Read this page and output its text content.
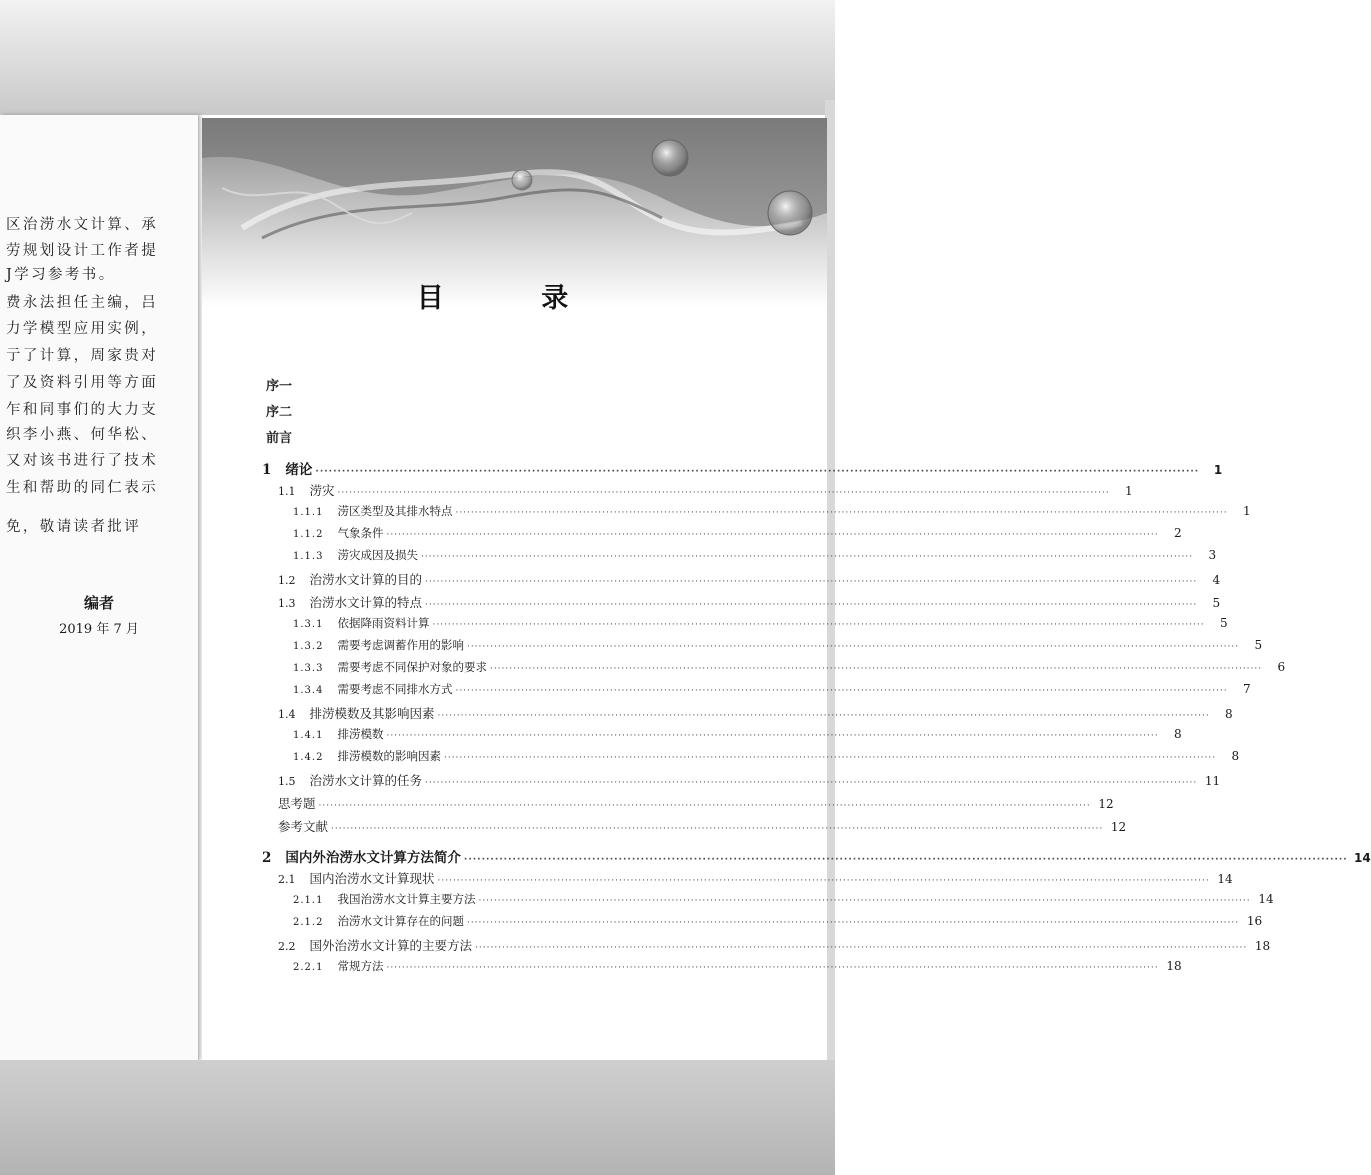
区治涝水文计算、承
劳规划设计工作者提
J学习参考书。
费永法担任主编，吕
力学模型应用实例，
亍了计算，周家贵对
了及资料引用等方面
乍和同事们的大力支
织李小燕、何华松、
又对该书进行了技术
生和帮助的同仁表示
免，敬请读者批评
编者
2019 年 7 月
目 录
序一
序二
前言
1 绪论 ········································································································································································································	1
1.1 涝灾 ········································································································································································································	1
1.1.1 涝区类型及其排水特点 ········································································································································································································	1
1.1.2 气象条件 ········································································································································································································	2
1.1.3 涝灾成因及损失 ········································································································································································································	3
1.2 治涝水文计算的目的 ········································································································································································································	4
1.3 治涝水文计算的特点 ········································································································································································································	5
1.3.1 依据降雨资料计算 ········································································································································································································	5
1.3.2 需要考虑调蓄作用的影响 ········································································································································································································	5
1.3.3 需要考虑不同保护对象的要求 ········································································································································································································	6
1.3.4 需要考虑不同排水方式 ········································································································································································································	7
1.4 排涝模数及其影响因素 ········································································································································································································	8
1.4.1 排涝模数 ········································································································································································································	8
1.4.2 排涝模数的影响因素 ········································································································································································································	8
1.5 治涝水文计算的任务 ········································································································································································································ 11
思考题 ········································································································································································································ 12
参考文献 ········································································································································································································ 12
2 国内外治涝水文计算方法简介 ········································································································································································································ 14
2.1 国内治涝水文计算现状 ········································································································································································································ 14
2.1.1 我国治涝水文计算主要方法 ········································································································································································································ 14
2.1.2 治涝水文计算存在的问题 ········································································································································································································ 16
2.2 国外治涝水文计算的主要方法 ········································································································································································································ 18
2.2.1 常规方法 ········································································································································································································ 18
